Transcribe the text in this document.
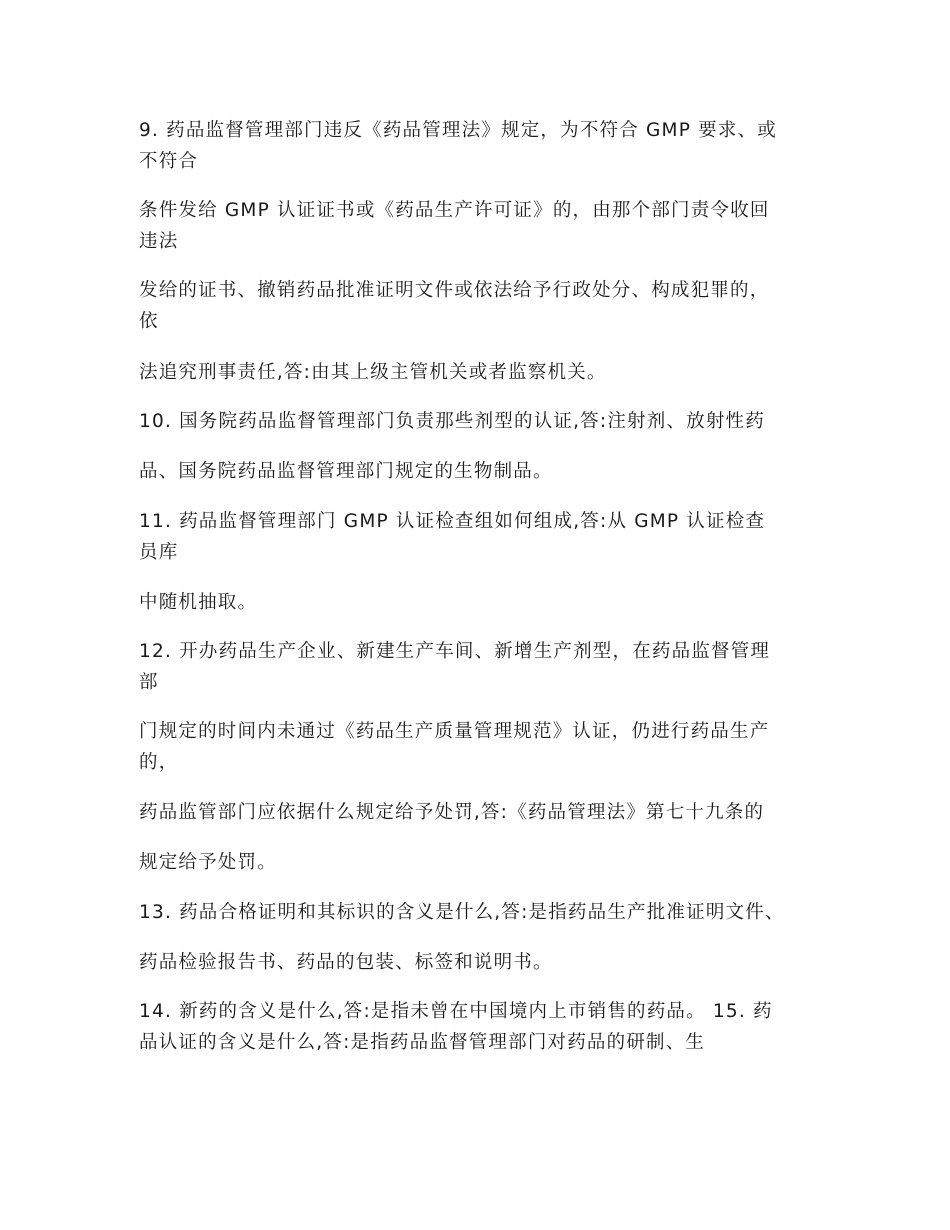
9. 药品监督管理部门违反《药品管理法》规定，为不符合 GMP 要求、或

不符合

条件发给 GMP 认证证书或《药品生产许可证》的，由那个部门责令收回

违法

发给的证书、撤销药品批准证明文件或依法给予行政处分、构成犯罪的，

依

法追究刑事责任,答:由其上级主管机关或者监察机关。

10. 国务院药品监督管理部门负责那些剂型的认证,答:注射剂、放射性药

品、国务院药品监督管理部门规定的生物制品。

11. 药品监督管理部门 GMP 认证检查组如何组成,答:从 GMP 认证检查

员库

中随机抽取。

12. 开办药品生产企业、新建生产车间、新增生产剂型，在药品监督管理

部

门规定的时间内未通过《药品生产质量管理规范》认证，仍进行药品生产

的，

药品监管部门应依据什么规定给予处罚,答:《药品管理法》第七十九条的

规定给予处罚。

13. 药品合格证明和其标识的含义是什么,答:是指药品生产批准证明文件、

药品检验报告书、药品的包装、标签和说明书。

14. 新药的含义是什么,答:是指未曾在中国境内上市销售的药品。 15. 药

品认证的含义是什么,答:是指药品监督管理部门对药品的研制、生
